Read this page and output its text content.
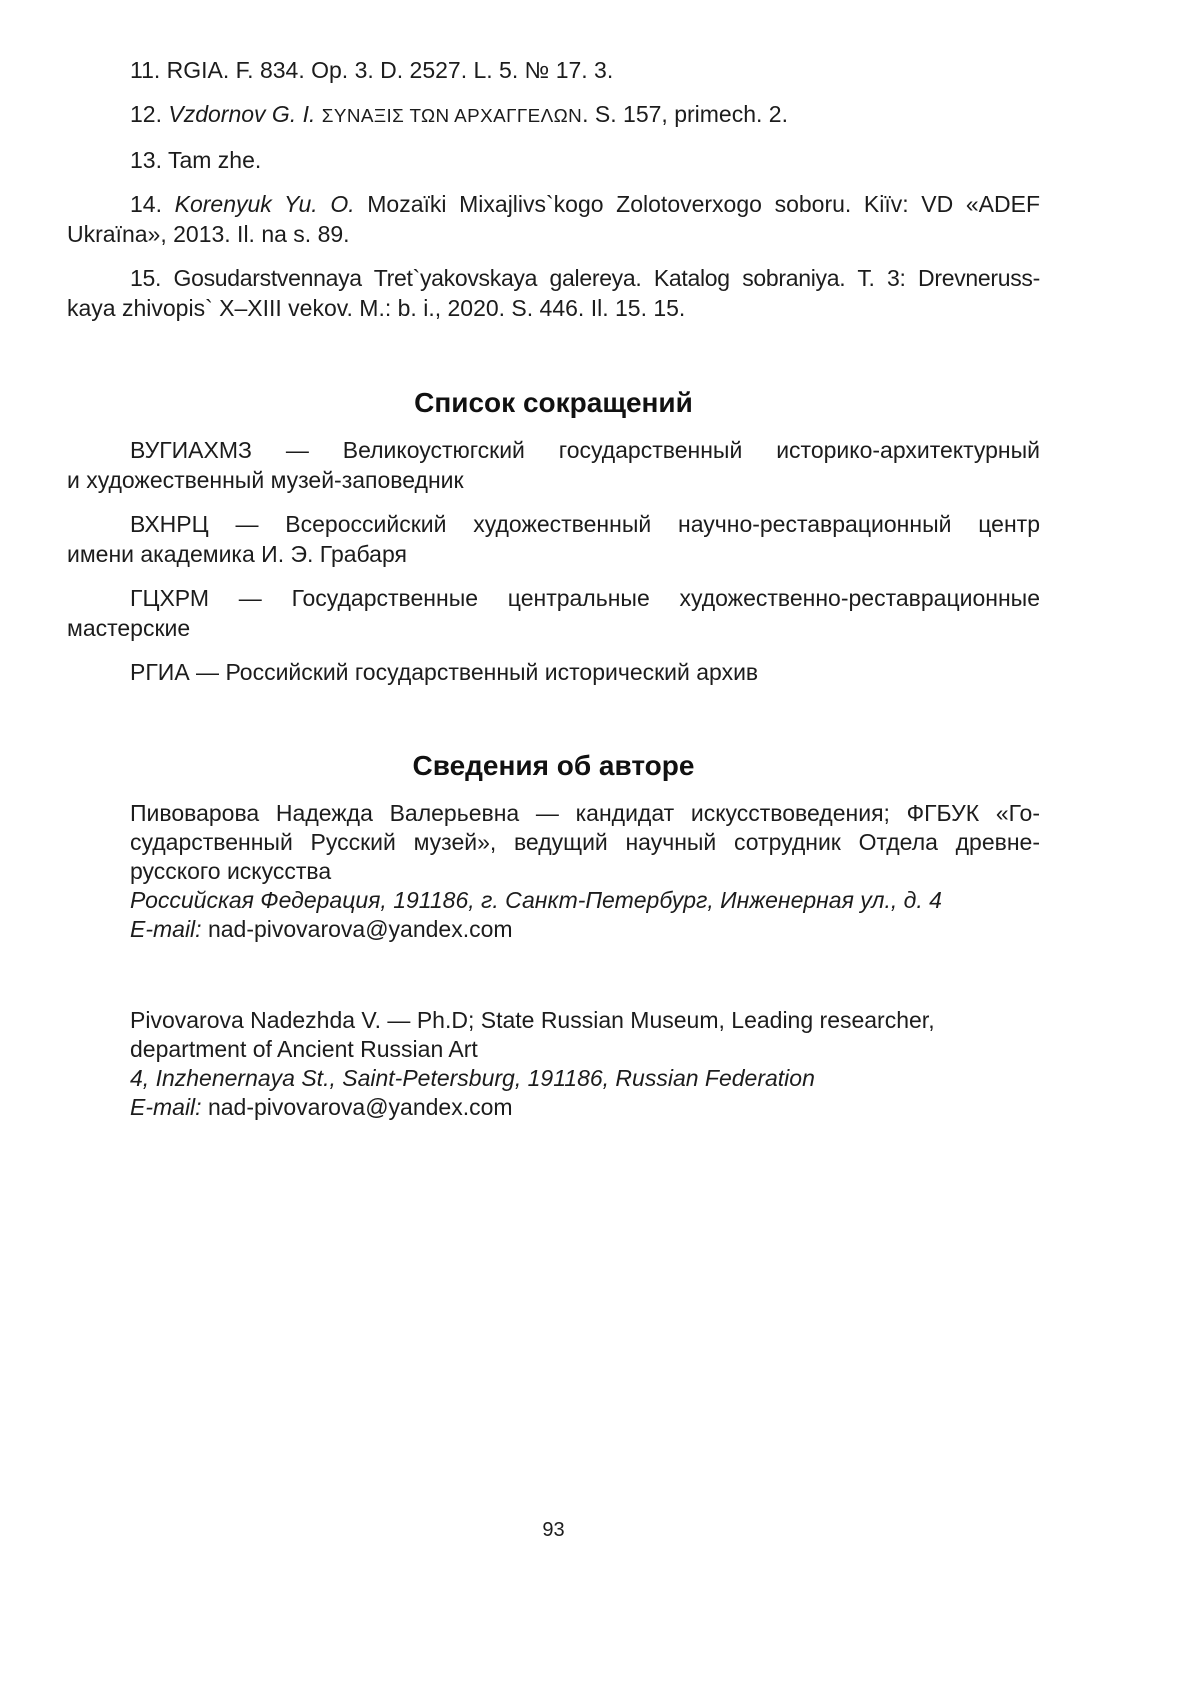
11. RGIA. F. 834. Op. 3. D. 2527. L. 5. № 17. 3.
12. Vzdornov G. I. ΣΥΝΑΞΙΣ ΤΩΝ ΑΡΧΑΓΓΕΛΩΝ. S. 157, primech. 2.
13. Tam zhe.
14. Korenyuk Yu. O. Mozaïki Mixajlivs`kogo Zolotoverxogo soboru. Kiïv: VD «ADEF
Ukraïna», 2013. Il. na s. 89.
15. Gosudarstvennaya Tret`yakovskaya galereya. Katalog sobraniya. T. 3: Drevneruss-
kaya zhivopis` X–XIII vekov. M.: b. i., 2020. S. 446. Il. 15. 15.
Список сокращений
ВУГИАХМЗ — Великоустюгский государственный историко-архитектурный
и художественный музей-заповедник
ВХНРЦ — Всероссийский художественный научно-реставрационный центр
имени академика И. Э. Грабаря
ГЦХРМ — Государственные центральные художественно-реставрационные
мастерские
РГИА — Российский государственный исторический архив
Сведения об авторе
Пивоварова Надежда Валерьевна — кандидат искусствоведения; ФГБУК «Го-
сударственный Русский музей», ведущий научный сотрудник Отдела древне-
русского искусства
Российская Федерация, 191186, г. Санкт-Петербург, Инженерная ул., д. 4
E-mail: nad-pivovarova@yandex.com
Pivovarova Nadezhda V. — Ph.D; State Russian Museum, Leading researcher,
department of Ancient Russian Art
4, Inzhenernaya St., Saint-Petersburg, 191186, Russian Federation
E-mail: nad-pivovarova@yandex.com
93
